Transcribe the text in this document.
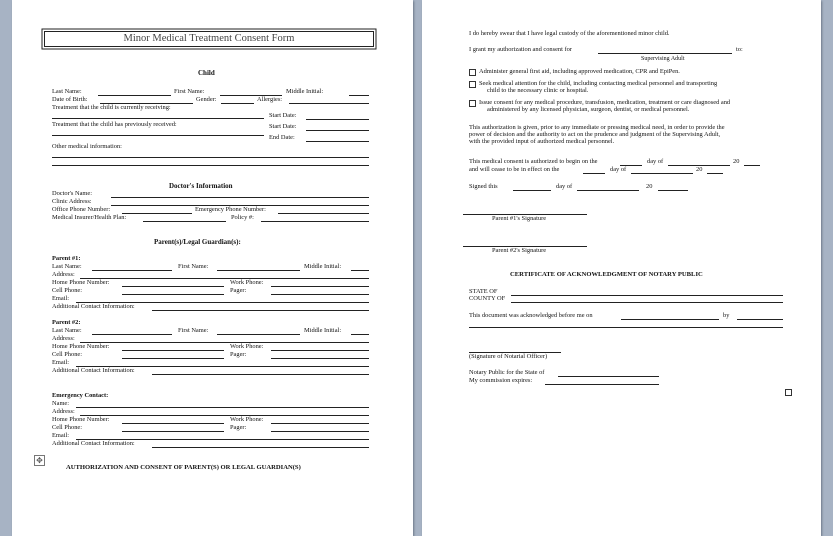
Minor Medical Treatment Consent Form
Child
Last Name:	First Name:	Middle Initial:
Date of Birth:	Gender:	Allergies:
Treatment that the child is currently receiving:
Start Date:
Treatment that the child has previously received:	Start Date:
End Date:
Other medical information:
Doctor's Information
Doctor's Name:
Clinic Address:
Office Phone Number:	Emergency Phone Number:
Medical Insurer/Health Plan:	Policy #:
Parent(s)/Legal Guardian(s):
Parent #1:
Last Name:	First Name:	Middle Initial:
Address:
Home Phone Number:	Work Phone:
Cell Phone:	Pager:
Email:
Additional Contact Information:
Parent #2:
Last Name:	First Name:	Middle Initial:
Address:
Home Phone Number:	Work Phone:
Cell Phone:	Pager:
Email:
Additional Contact Information:
Emergency Contact:
Name:
Address:
Home Phone Number:	Work Phone:
Cell Phone:	Pager:
Email:
Additional Contact Information:
✥
AUTHORIZATION AND CONSENT OF PARENT(S) OR LEGAL GUARDIAN(S)
I do hereby swear that I have legal custody of the aforementioned minor child.
I grant my authorization and consent for	to:
Supervising Adult
Administer general first aid, including approved medication, CPR and EpiPen.
Seek medical attention for the child, including contacting medical personnel and transporting
child to the necessary clinic or hospital.
Issue consent for any medical procedure, transfusion, medication, treatment or care diagnosed and
administered by any licensed physician, surgeon, dentist, or medical personnel.
This authorization is given, prior to any immediate or pressing medical need, in order to provide the
power of decision and the authority to act on the prudence and judgment of the Supervising Adult,
with the provided input of authorized medical personnel.
This medical consent is authorized to begin on the	day of	20
and will cease to be in effect on the	day of	20
Signed this	day of	20
Parent #1's Signature
Parent #2's Signature
CERTIFICATE OF ACKNOWLEDGMENT OF NOTARY PUBLIC
STATE OF
COUNTY OF
This document was acknowledged before me on	by
(Signature of Notarial Officer)
Notary Public for the State of
My commission expires:
